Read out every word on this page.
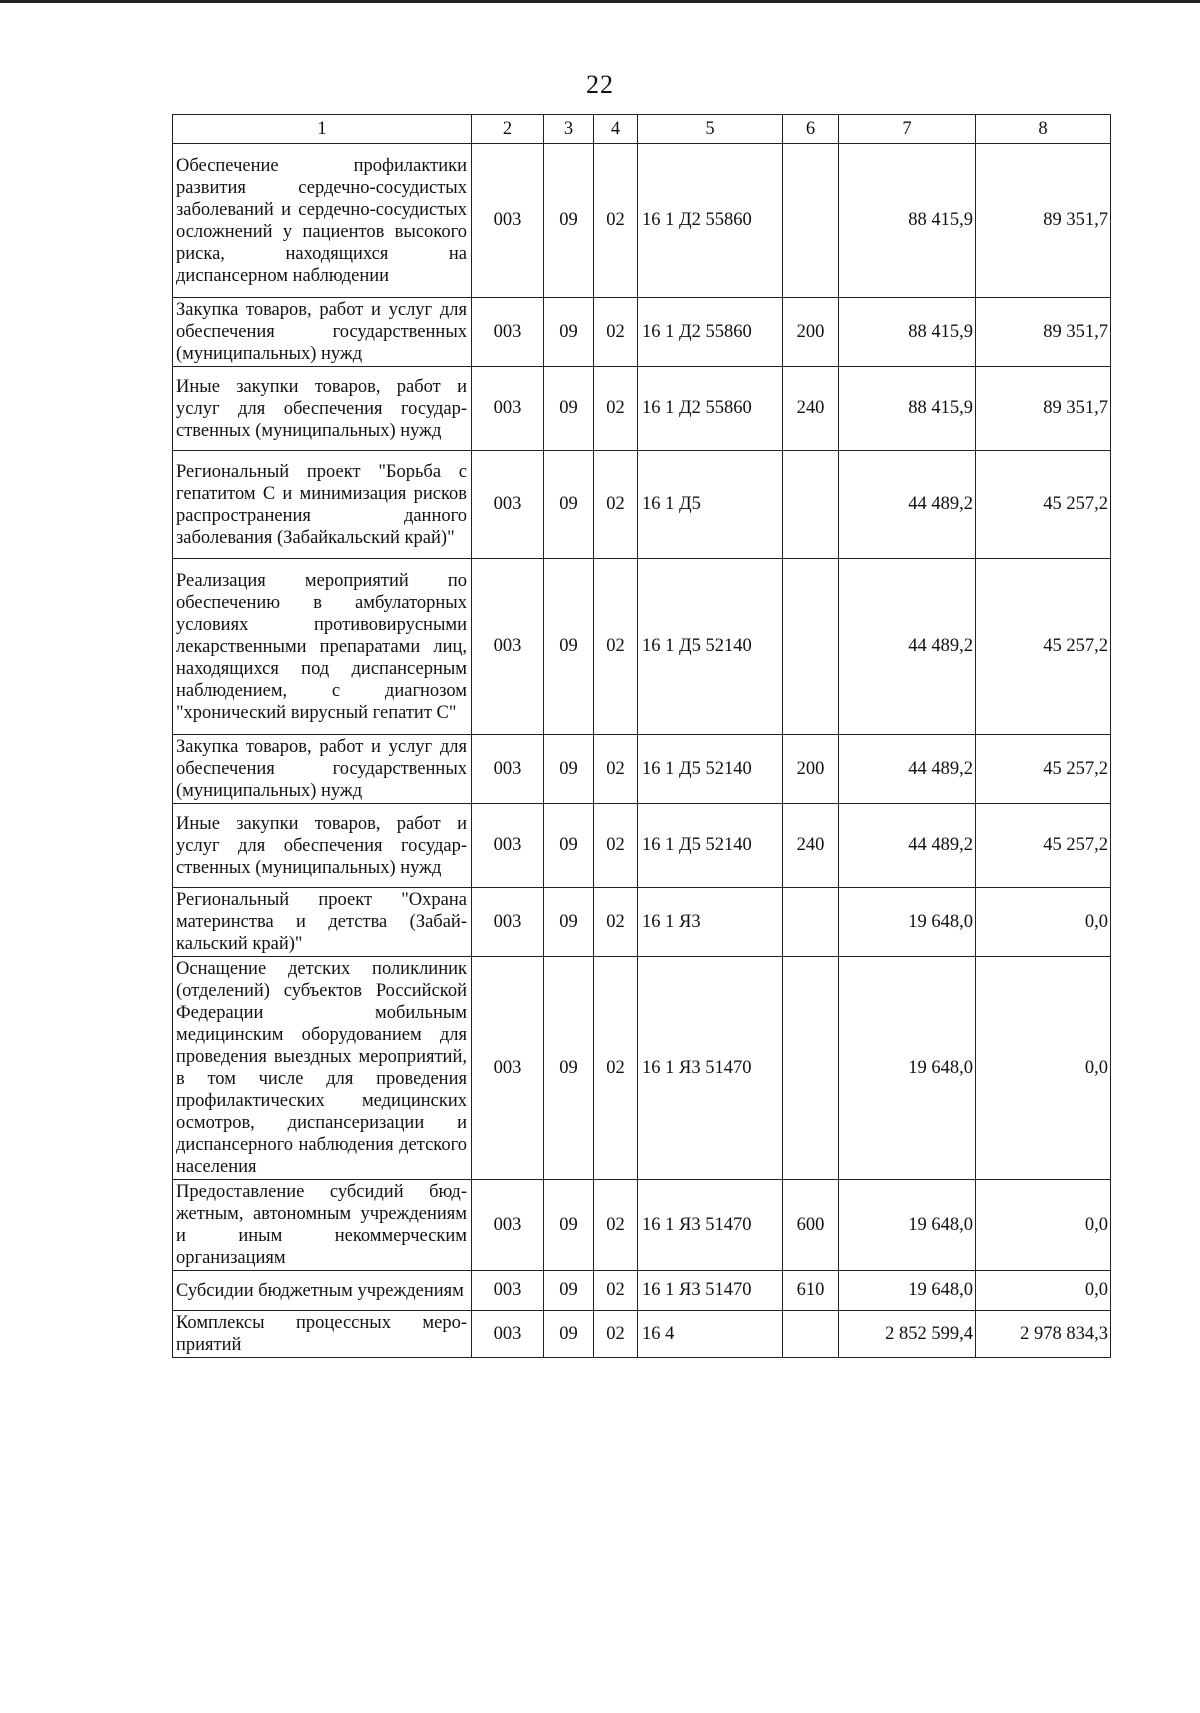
22
1	2	3	4	5	6	7	8
Обеспечение профилактики развития сердечно-сосудистых заболеваний и сердечно-сосудистых осложнений у пациентов высокого риска, находящихся на диспансерном наблюдении	003	09	02	16 1 Д2 55860		88 415,9	89 351,7
Закупка товаров, работ и услуг для обеспечения государственных (муниципальных) нужд	003	09	02	16 1 Д2 55860	200	88 415,9	89 351,7
Иные закупки товаров, работ и услуг для обеспечения государственных (муниципальных) нужд	003	09	02	16 1 Д2 55860	240	88 415,9	89 351,7
Региональный проект "Борьба с гепатитом С и минимизация рисков распространения данного заболевания (Забайкальский край)"	003	09	02	16 1 Д5		44 489,2	45 257,2
Реализация мероприятий по обеспечению в амбулаторных условиях противовирусными лекарственными препаратами лиц, находящихся под диспансерным наблюдением, с диагнозом "хронический вирусный гепатит С"	003	09	02	16 1 Д5 52140		44 489,2	45 257,2
Закупка товаров, работ и услуг для обеспечения государственных (муниципальных) нужд	003	09	02	16 1 Д5 52140	200	44 489,2	45 257,2
Иные закупки товаров, работ и услуг для обеспечения государственных (муниципальных) нужд	003	09	02	16 1 Д5 52140	240	44 489,2	45 257,2
Региональный проект "Охрана материнства и детства (Забайкальский край)"	003	09	02	16 1 Я3		19 648,0	0,0
Оснащение детских поликлиник (отделений) субъектов Российской Федерации мобильным медицинским оборудованием для проведения выездных мероприятий, в том числе для проведения профилактических медицинских осмотров, диспансеризации и диспансерного наблюдения детского населения	003	09	02	16 1 Я3 51470		19 648,0	0,0
Предоставление субсидий бюджетным, автономным учреждениям и иным некоммерческим организациям	003	09	02	16 1 Я3 51470	600	19 648,0	0,0
Субсидии бюджетным учреждениям	003	09	02	16 1 Я3 51470	610	19 648,0	0,0
Комплексы процессных мероприятий	003	09	02	16 4		2 852 599,4	2 978 834,3
